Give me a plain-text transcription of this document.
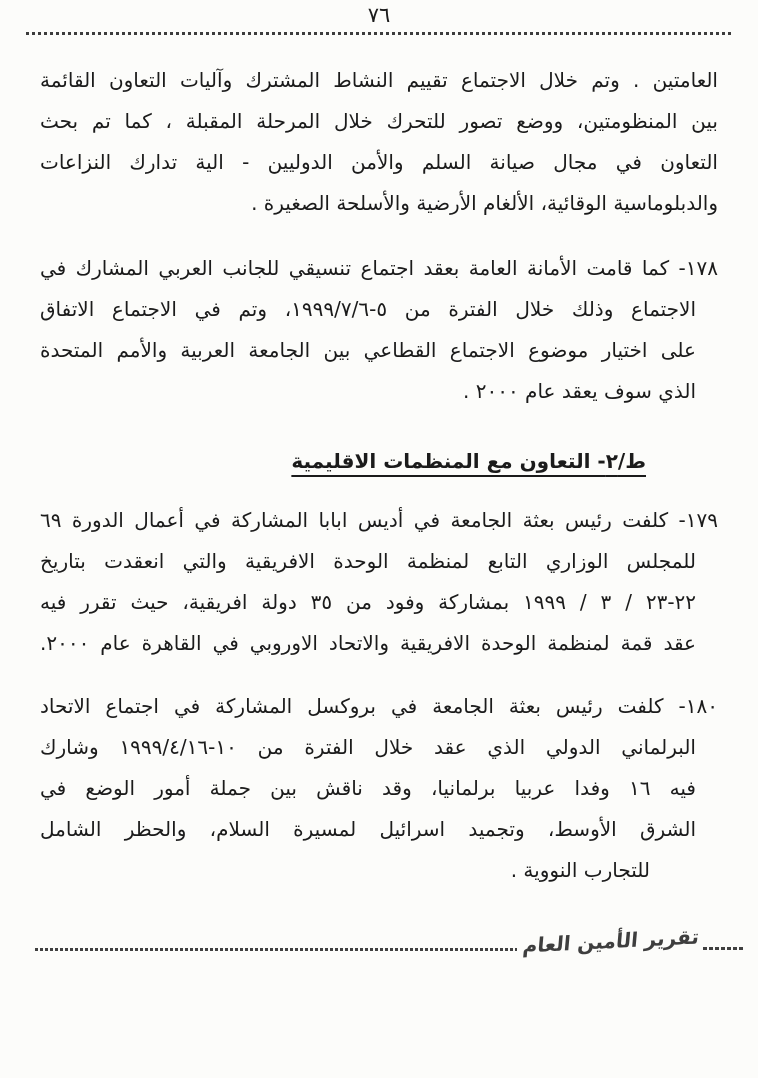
٧٦
العامتين . وتم خلال الاجتماع تقييم النشاط المشترك وآليات التعاون القائمة
بين المنظومتين، ووضع تصور للتحرك خلال المرحلة المقبلة ، كما تم بحث
التعاون في مجال صيانة السلم والأمن الدوليين - الية تدارك النزاعات
والدبلوماسية الوقائية، الألغام الأرضية والأسلحة الصغيرة .
١٧٨- كما قامت الأمانة العامة بعقد اجتماع تنسيقي للجانب العربي المشارك في
الاجتماع وذلك خلال الفترة من ٥-١٩٩٩/٧/٦، وتم في الاجتماع الاتفاق
على اختيار موضوع الاجتماع القطاعي بين الجامعة العربية والأمم المتحدة
الذي سوف يعقد عام ٢٠٠٠ .
ط/٢- التعاون مع المنظمات الاقليمية
١٧٩- كلفت رئيس بعثة الجامعة في أديس ابابا المشاركة في أعمال الدورة ٦٩
للمجلس الوزاري التابع لمنظمة الوحدة الافريقية والتي انعقدت بتاريخ
٢٢-٢٣ / ٣ / ١٩٩٩ بمشاركة وفود من ٣٥ دولة افريقية، حيث تقرر فيه
عقد قمة لمنظمة الوحدة الافريقية والاتحاد الاوروبي في القاهرة عام ٢٠٠٠.
١٨٠- كلفت رئيس بعثة الجامعة في بروكسل المشاركة في اجتماع الاتحاد
البرلماني الدولي الذي عقد خلال الفترة من ١٠-١٩٩٩/٤/١٦ وشارك
فيه ١٦ وفدا عربيا برلمانيا، وقد ناقش بين جملة أمور الوضع في
الشرق الأوسط، وتجميد اسرائيل لمسيرة السلام، والحظر الشامل
للتجارب النووية .
تقرير الأمين العام
